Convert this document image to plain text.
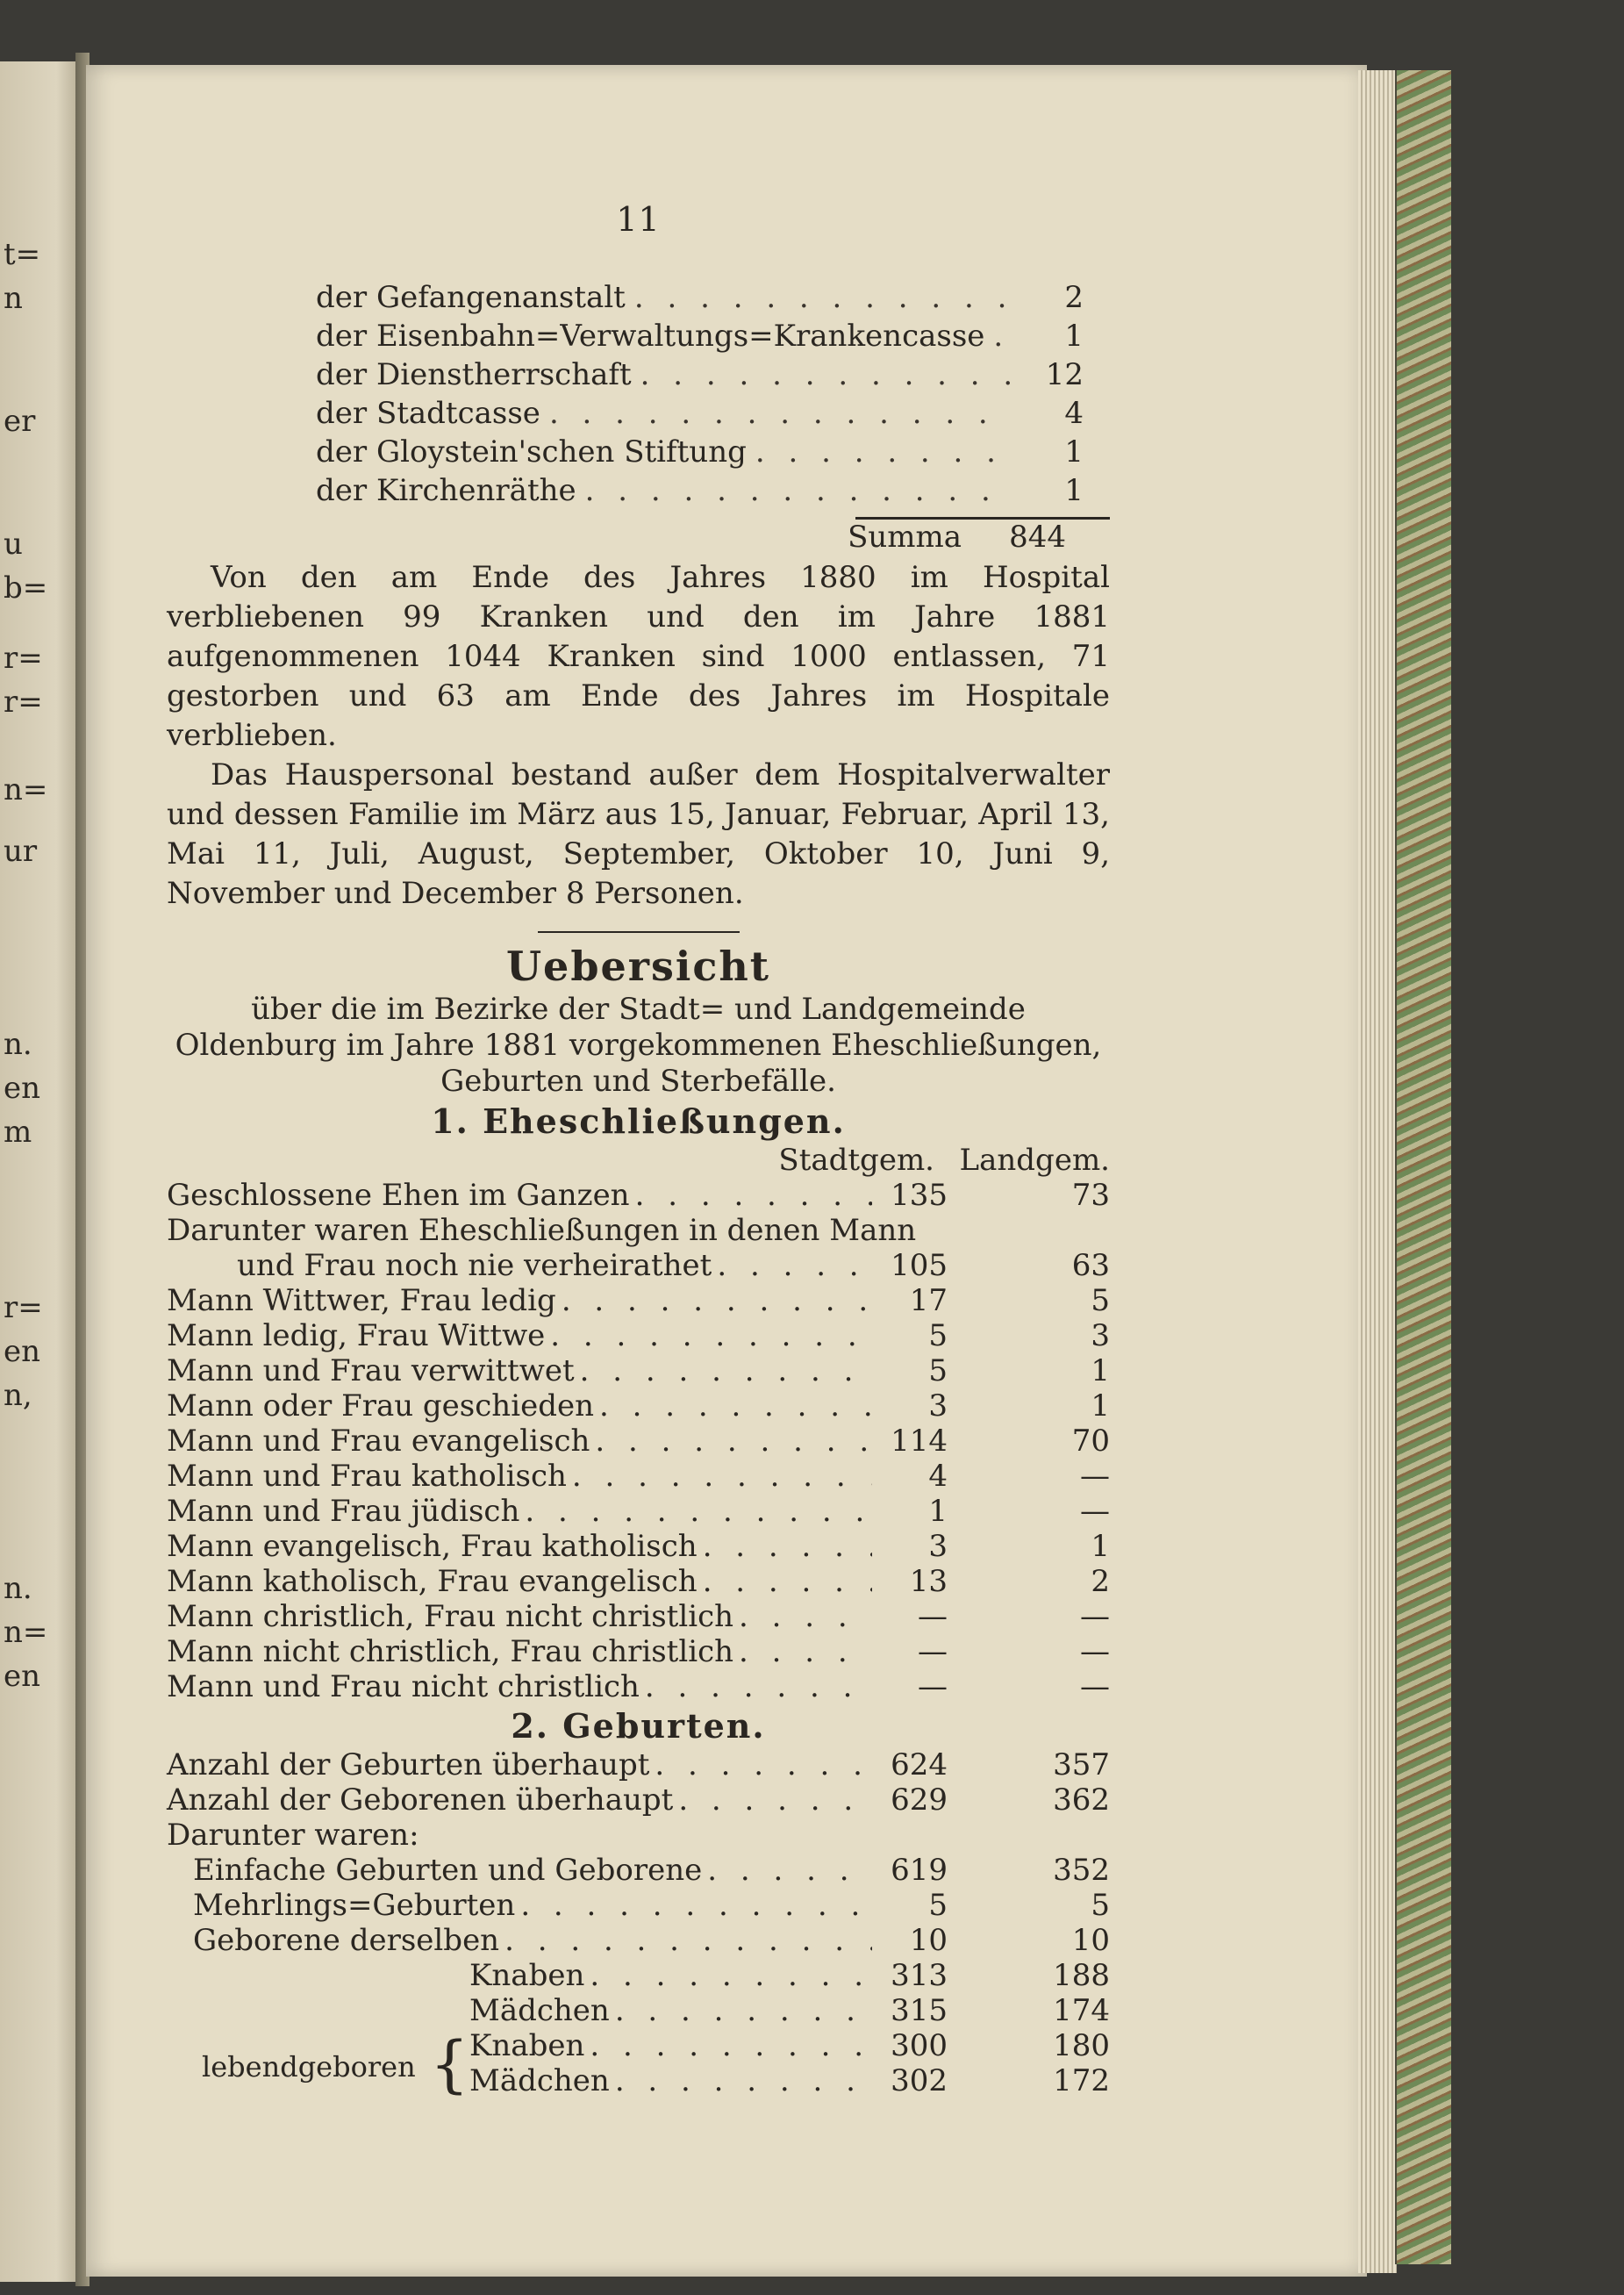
t=
n
er
u
b=
r=
r=
n=
ur
n.
en
m
r=
en
n,
n.
n=
en
11
der Gefangenanstalt . . .	2
der Eisenbahn=Verwaltungs=Krankencasse . . .	1
der Dienstherrschaft . . .	12
der Stadtcasse . . .	4
der Gloystein'schen Stiftung . . .	1
der Kirchenräthe . . .	1
Summa 844

Von den am Ende des Jahres 1880 im Hospital verbliebenen 99 Kranken und den im Jahre 1881 aufgenommenen 1044 Kranken sind 1000 entlassen, 71 gestorben und 63 am Ende des Jahres im Hospitale verblieben.

Das Hauspersonal bestand außer dem Hospitalverwalter und dessen Familie im März aus 15, Januar, Februar, April 13, Mai 11, Juli, August, September, Oktober 10, Juni 9, November und December 8 Personen.

Uebersicht
über die im Bezirke der Stadt= und Landgemeinde Oldenburg im Jahre 1881 vorgekommenen Eheschließungen, Geburten und Sterbefälle.
1. Eheschließungen.
Stadtgem. Landgem.
Geschlossene Ehen im Ganzen . . .	135	73
Darunter waren Eheschließungen in denen Mann
und Frau noch nie verheirathet . . .	105	63
Mann Wittwer, Frau ledig . . .	17	5
Mann ledig, Frau Wittwe . . .	5	3
Mann und Frau verwittwet . . .	5	1
Mann oder Frau geschieden . . .	3	1
Mann und Frau evangelisch . . .	114	70
Mann und Frau katholisch . . .	4	—
Mann und Frau jüdisch . . .	1	—
Mann evangelisch, Frau katholisch . . .	3	1
Mann katholisch, Frau evangelisch . . .	13	2
Mann christlich, Frau nicht christlich . . .	—	—
Mann nicht christlich, Frau christlich . . .	—	—
Mann und Frau nicht christlich . . .	—	—
2. Geburten.
Anzahl der Geburten überhaupt . . .	624	357
Anzahl der Geborenen überhaupt . . .	629	362
Darunter waren:
Einfache Geburten und Geborene . . .	619	352
Mehrlings=Geburten . . .	5	5
Geborene derselben . . .	10	10
Knaben . . .	313	188
Mädchen . . .	315	174
lebendgeboren { Knaben . . .	300	180
Mädchen . . .	302	172
